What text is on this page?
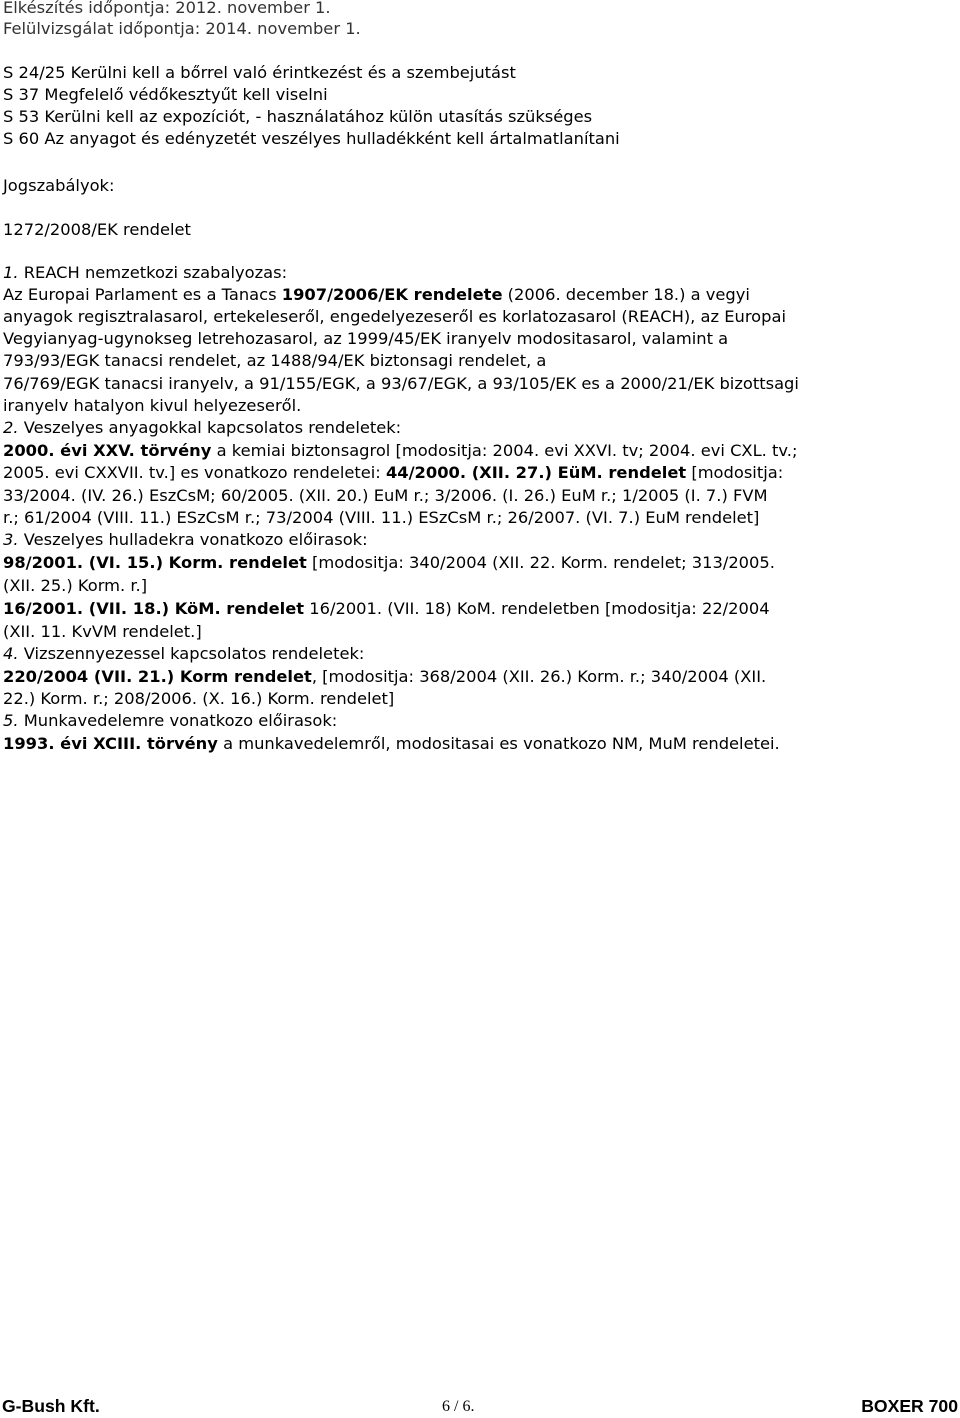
Elkészítés időpontja: 2012. november 1.

Felülvizsgálat időpontja: 2014. november 1.

S 24/25 Kerülni kell a bőrrel való érintkezést és a szembejutást

S 37 Megfelelő védőkesztyűt kell viselni

S 53 Kerülni kell az expozíciót, - használatához külön utasítás szükséges

S 60 Az anyagot és edényzetét veszélyes hulladékként kell ártalmatlanítani

Jogszabályok:

1272/2008/EK rendelet

1. REACH nemzetkozi szabalyozas:

Az Europai Parlament es a Tanacs 1907/2006/EK rendelete (2006. december 18.) a vegyi

anyagok regisztralasarol, ertekeleseről, engedelyezeseről es korlatozasarol (REACH), az Europai

Vegyianyag-ugynokseg letrehozasarol, az 1999/45/EK iranyelv modositasarol, valamint a

793/93/EGK tanacsi rendelet, az 1488/94/EK biztonsagi rendelet, a

76/769/EGK tanacsi iranyelv, a 91/155/EGK, a 93/67/EGK, a 93/105/EK es a 2000/21/EK bizottsagi

iranyelv hatalyon kivul helyezeseről.

2. Veszelyes anyagokkal kapcsolatos rendeletek:

2000. évi XXV. törvény a kemiai biztonsagrol [modositja: 2004. evi XXVI. tv; 2004. evi CXL. tv.;

2005. evi CXXVII. tv.] es vonatkozo rendeletei: 44/2000. (XII. 27.) EüM. rendelet [modositja:

33/2004. (IV. 26.) EszCsM; 60/2005. (XII. 20.) EuM r.; 3/2006. (I. 26.) EuM r.; 1/2005 (I. 7.) FVM

r.; 61/2004 (VIII. 11.) ESzCsM r.; 73/2004 (VIII. 11.) ESzCsM r.; 26/2007. (VI. 7.) EuM rendelet]

3. Veszelyes hulladekra vonatkozo előirasok:

98/2001. (VI. 15.) Korm. rendelet [modositja: 340/2004 (XII. 22. Korm. rendelet; 313/2005.

(XII. 25.) Korm. r.]

16/2001. (VII. 18.) KöM. rendelet 16/2001. (VII. 18) KoM. rendeletben [modositja: 22/2004

(XII. 11. KvVM rendelet.]

4. Vizszennyezessel kapcsolatos rendeletek:

220/2004 (VII. 21.) Korm rendelet, [modositja: 368/2004 (XII. 26.) Korm. r.; 340/2004 (XII.

22.) Korm. r.; 208/2006. (X. 16.) Korm. rendelet]

5. Munkavedelemre vonatkozo előirasok:

1993. évi XCIII. törvény a munkavedelemről, modositasai es vonatkozo NM, MuM rendeletei.

G-Bush Kft.	6 / 6.	BOXER 700
